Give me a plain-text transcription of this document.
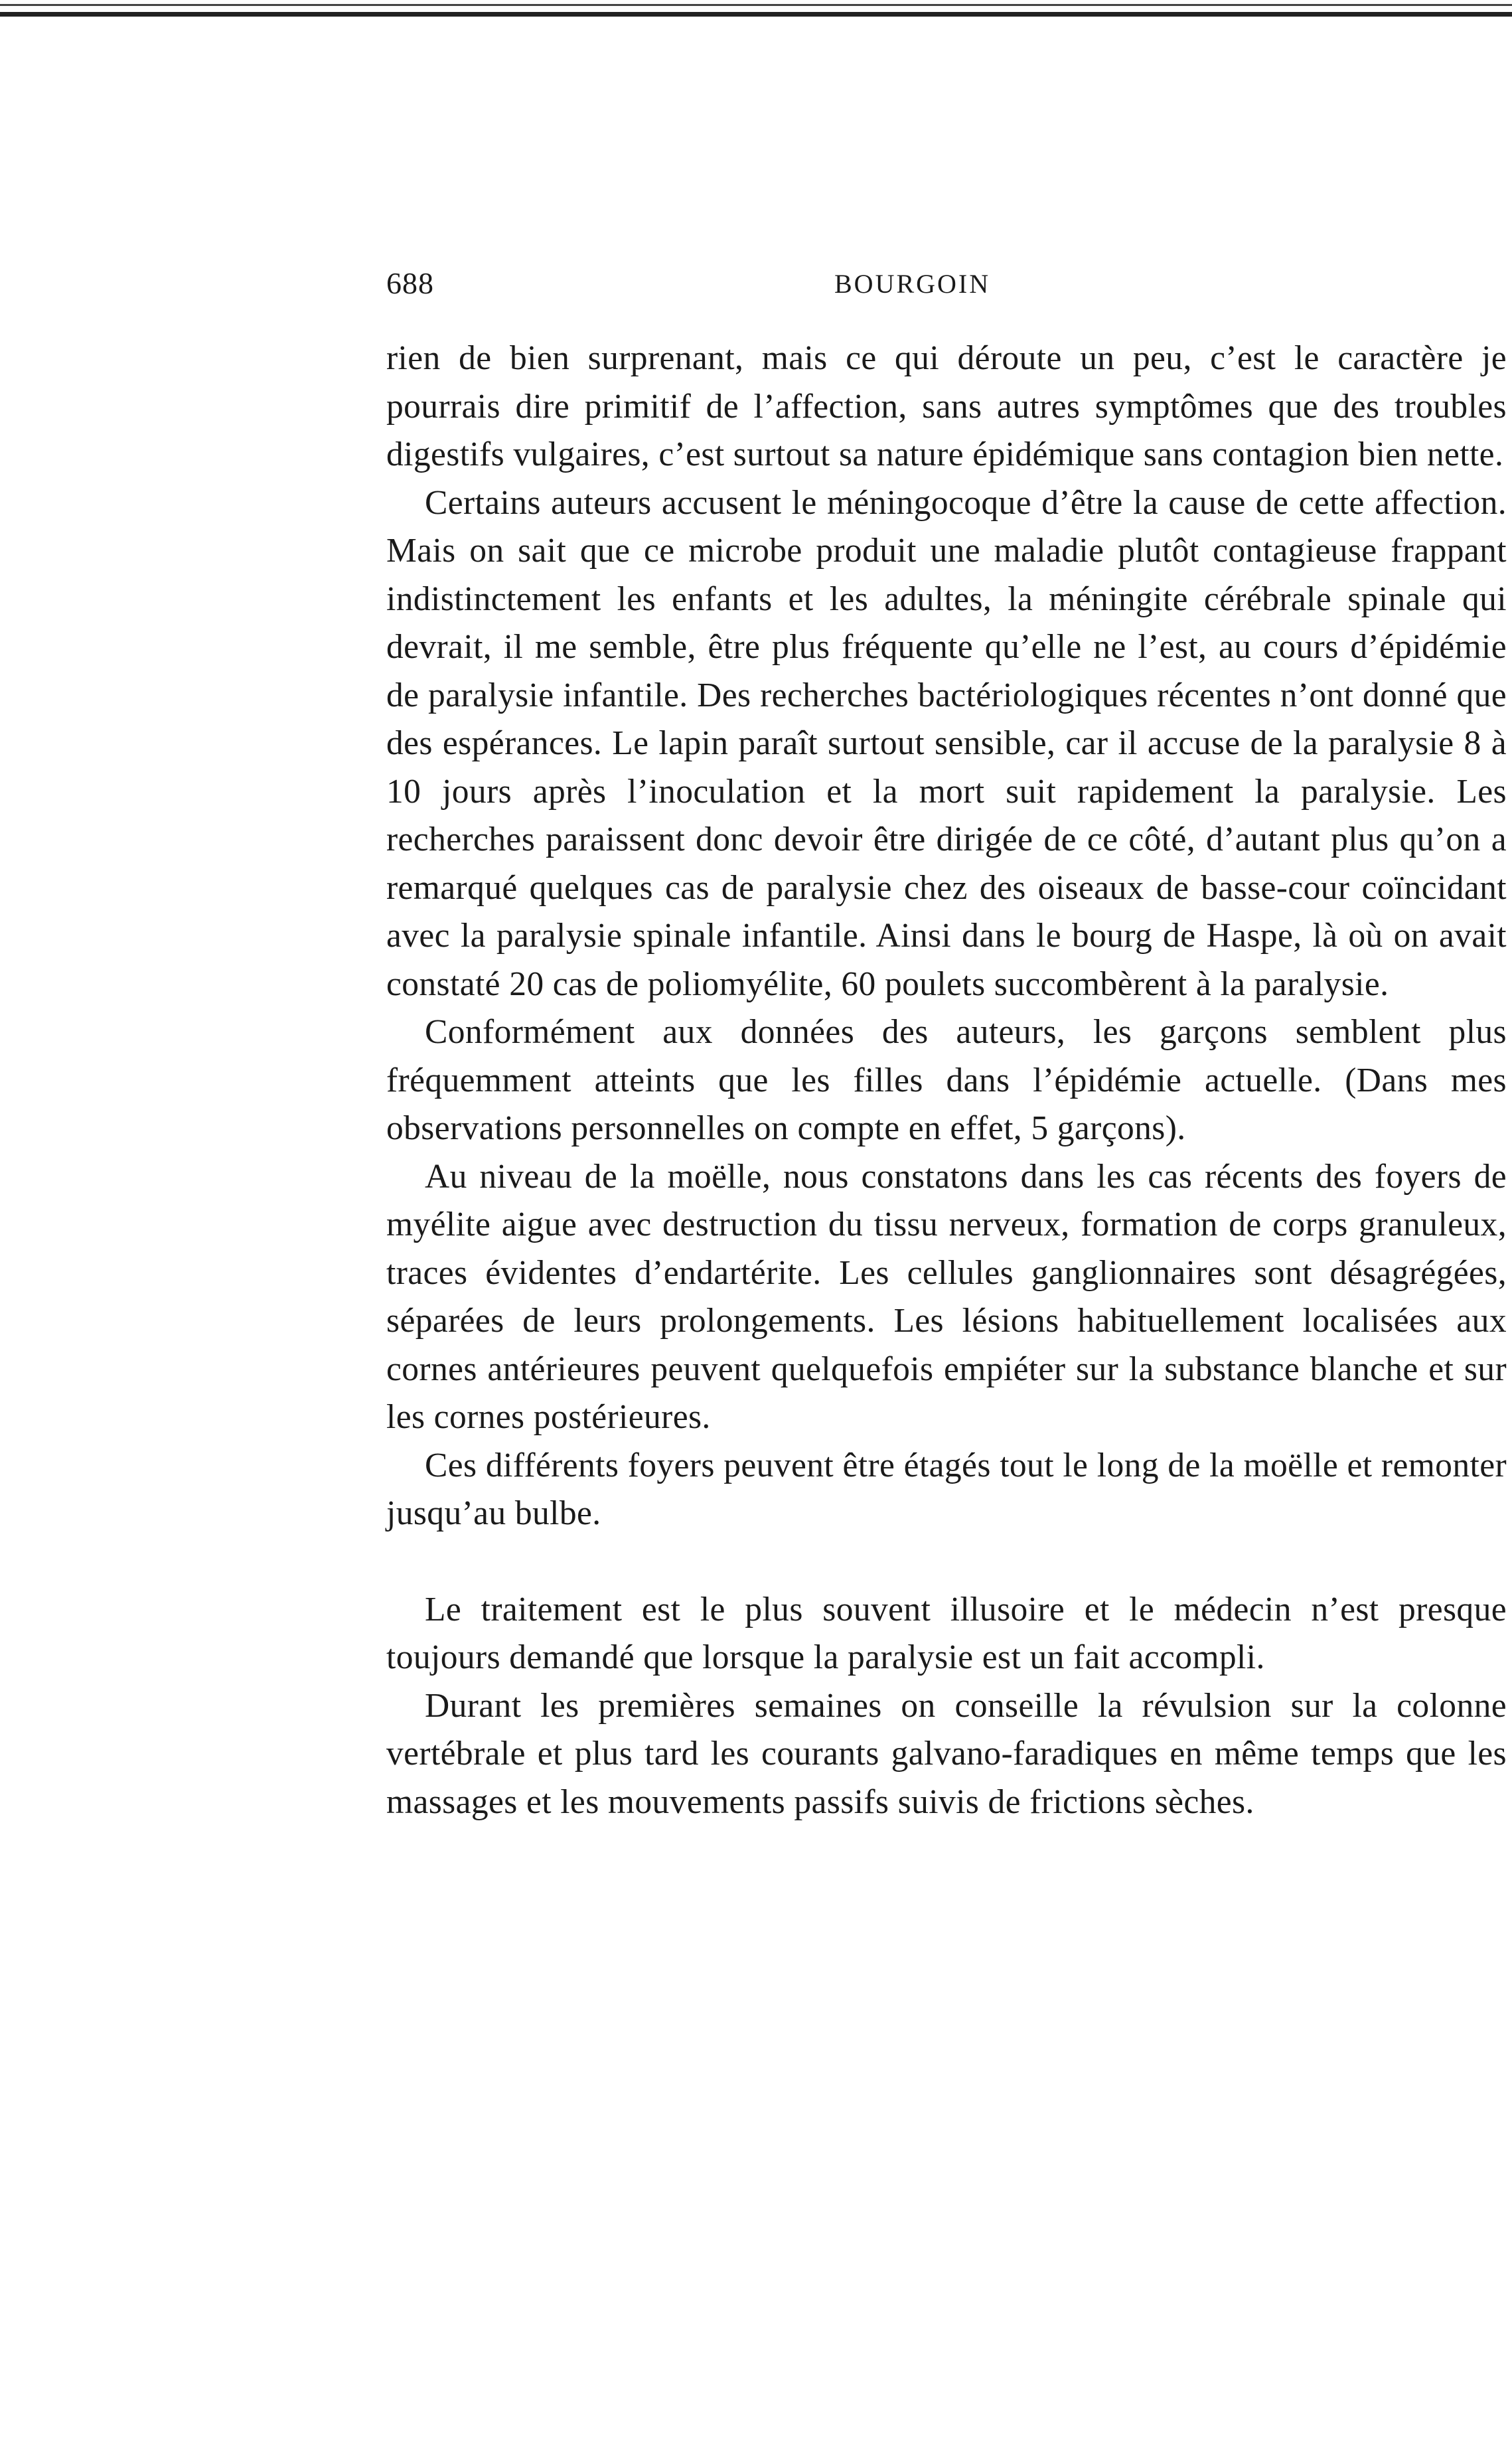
688	BOURGOIN

rien de bien surprenant, mais ce qui déroute un peu, c’est le caractère je pourrais dire primitif de l’affection, sans autres symptômes que des troubles digestifs vulgaires, c’est surtout sa nature épidémique sans contagion bien nette.

Certains auteurs accusent le méningocoque d’être la cause de cette affection. Mais on sait que ce microbe produit une maladie plutôt contagieuse frappant indistinctement les enfants et les adultes, la méningite cérébrale spinale qui devrait, il me semble, être plus fréquente qu’elle ne l’est, au cours d’épidémie de paralysie infantile. Des recherches bactériologiques récentes n’ont donné que des espérances. Le lapin paraît surtout sensible, car il accuse de la paralysie 8 à 10 jours après l’inoculation et la mort suit rapidement la paralysie. Les recherches paraissent donc devoir être dirigée de ce côté, d’autant plus qu’on a remarqué quelques cas de paralysie chez des oiseaux de basse-cour coïncidant avec la paralysie spinale infantile. Ainsi dans le bourg de Haspe, là où on avait constaté 20 cas de poliomyélite, 60 poulets succombèrent à la paralysie.

Conformément aux données des auteurs, les garçons semblent plus fréquemment atteints que les filles dans l’épidémie actuelle. (Dans mes observations personnelles on compte en effet, 5 garçons).

Au niveau de la moëlle, nous constatons dans les cas récents des foyers de myélite aigue avec destruction du tissu nerveux, formation de corps granuleux, traces évidentes d’endartérite. Les cellules ganglionnaires sont désagrégées, séparées de leurs prolongements. Les lésions habituellement localisées aux cornes antérieures peuvent quelquefois empiéter sur la substance blanche et sur les cornes postérieures.

Ces différents foyers peuvent être étagés tout le long de la moëlle et remonter jusqu’au bulbe.

Le traitement est le plus souvent illusoire et le médecin n’est presque toujours demandé que lorsque la paralysie est un fait accompli.

Durant les premières semaines on conseille la révulsion sur la colonne vertébrale et plus tard les courants galvano-faradiques en même temps que les massages et les mouvements passifs suivis de frictions sèches.
